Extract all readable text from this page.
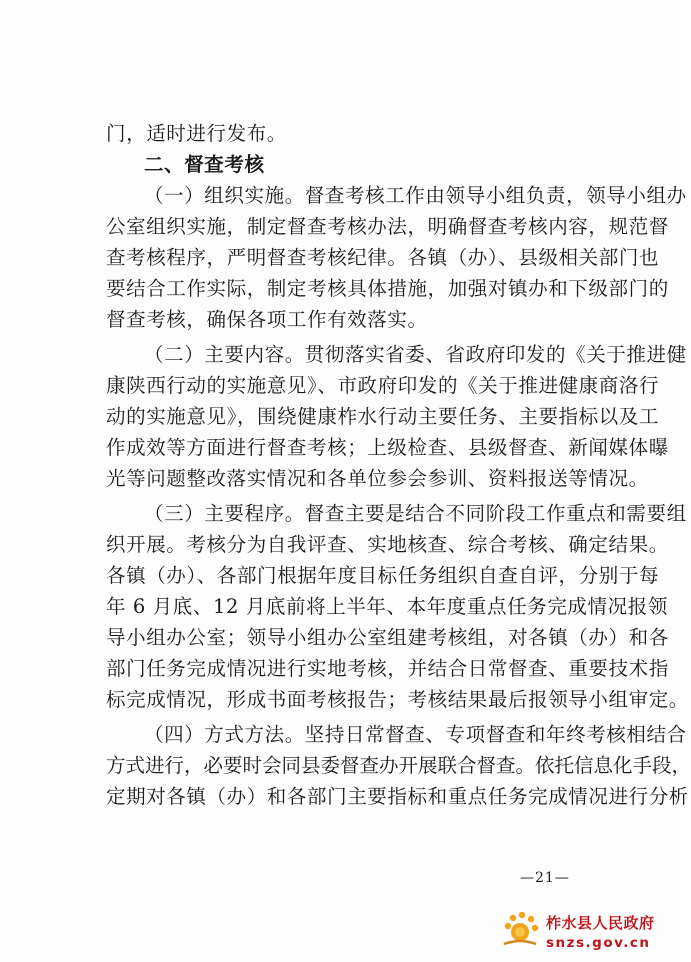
门，适时进行发布。
二、督查考核
（一）组织实施。督查考核工作由领导小组负责，领导小组办
公室组织实施，制定督查考核办法，明确督查考核内容，规范督
查考核程序，严明督查考核纪律。各镇（办）、县级相关部门也
要结合工作实际，制定考核具体措施，加强对镇办和下级部门的
督查考核，确保各项工作有效落实。
（二）主要内容。贯彻落实省委、省政府印发的《关于推进健
康陕西行动的实施意见》、市政府印发的《关于推进健康商洛行
动的实施意见》，围绕健康柞水行动主要任务、主要指标以及工
作成效等方面进行督查考核；上级检查、县级督查、新闻媒体曝
光等问题整改落实情况和各单位参会参训、资料报送等情况。
（三）主要程序。督查主要是结合不同阶段工作重点和需要组
织开展。考核分为自我评查、实地核查、综合考核、确定结果。
各镇（办）、各部门根据年度目标任务组织自查自评，分别于每
年 6 月底、12 月底前将上半年、本年度重点任务完成情况报领
导小组办公室；领导小组办公室组建考核组，对各镇（办）和各
部门任务完成情况进行实地考核，并结合日常督查、重要技术指
标完成情况，形成书面考核报告；考核结果最后报领导小组审定。
（四）方式方法。坚持日常督查、专项督查和年终考核相结合
方式进行，必要时会同县委督查办开展联合督查。依托信息化手段，
定期对各镇（办）和各部门主要指标和重点任务完成情况进行分析
—21—
柞水县人民政府
snzs.gov.cn
